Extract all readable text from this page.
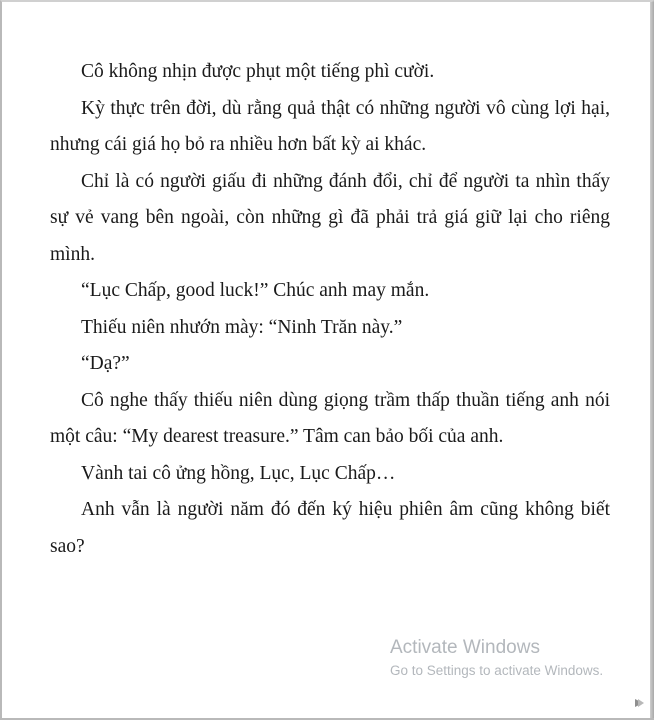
Cô không nhịn được phụt một tiếng phì cười.

Kỳ thực trên đời, dù rằng quả thật có những người vô cùng lợi hại, nhưng cái giá họ bỏ ra nhiều hơn bất kỳ ai khác.

Chỉ là có người giấu đi những đánh đổi, chỉ để người ta nhìn thấy sự vẻ vang bên ngoài, còn những gì đã phải trả giá giữ lại cho riêng mình.

“Lục Chấp, good luck!” Chúc anh may mắn.

Thiếu niên nhướn mày: “Ninh Trăn này.”

“Dạ?”

Cô nghe thấy thiếu niên dùng giọng trầm thấp thuần tiếng anh nói một câu: “My dearest treasure.” Tâm can bảo bối của anh.

Vành tai cô ửng hồng, Lục, Lục Chấp…

Anh vẫn là người năm đó đến ký hiệu phiên âm cũng không biết sao?

Activate Windows
Go to Settings to activate Windows.
